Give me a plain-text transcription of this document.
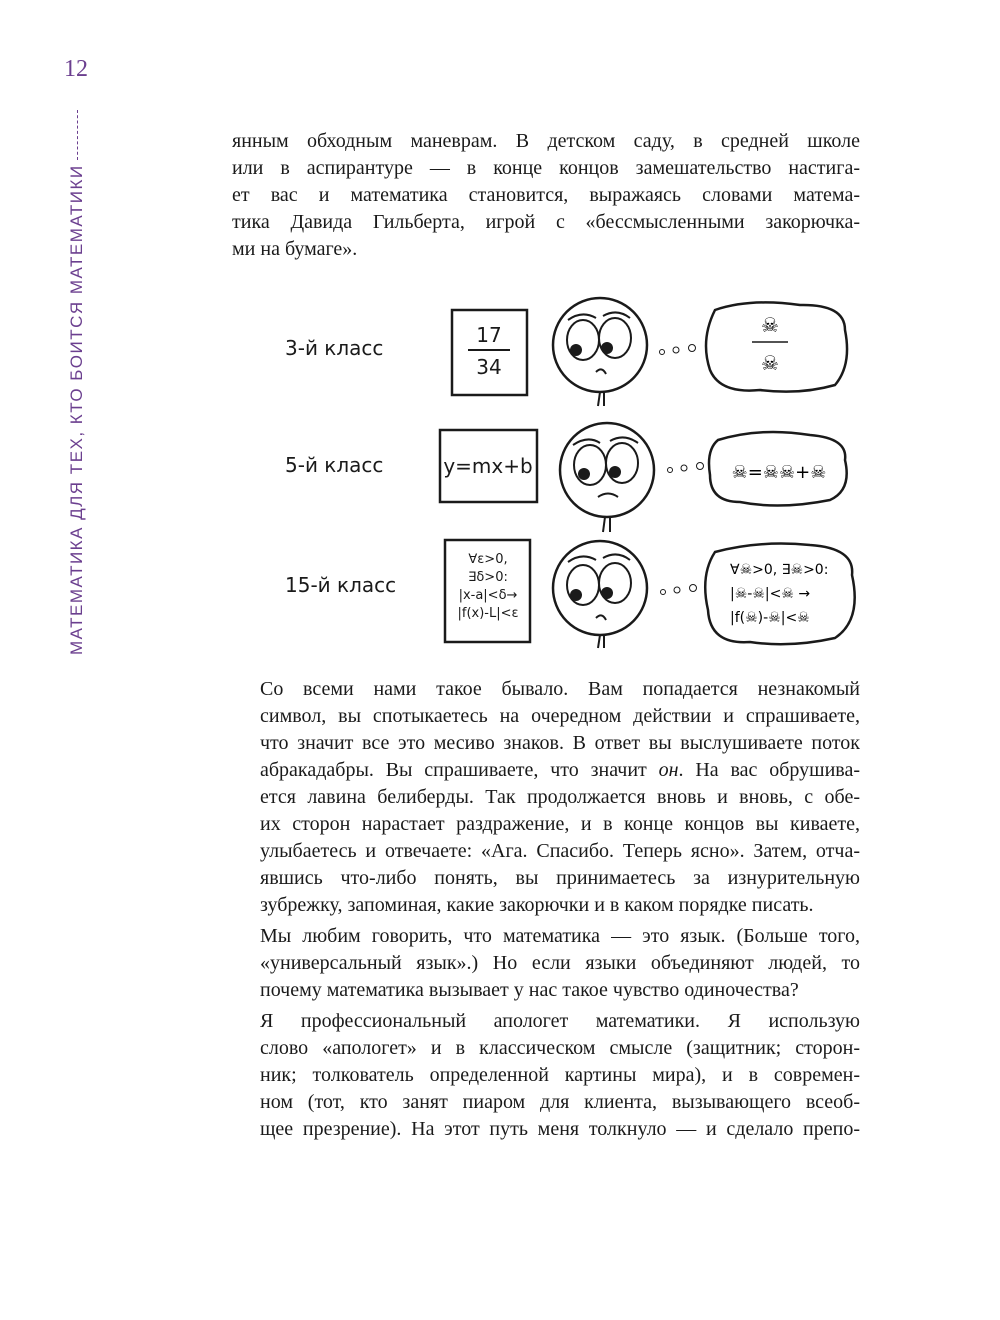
12
МАТЕМАТИКА ДЛЯ ТЕХ, КТО БОИТСЯ МАТЕМАТИКИ

янным обходным маневрам. В детском саду, в средней школе
или в аспирантуре — в конце концов замешательство настига-
ет вас и математика становится, выражаясь словами матема-
тика Давида Гильберта, игрой с «бессмысленными закорючка-
ми на бумаге».

3-й класс
17
34
☠
☠
5-й класс	y=mx+b	☠=☠☠+☠
15-й класс
∀ε>0,
∃δ>0:
|x-a|<δ→
|f(x)-L|<ε
∀☠>0, ∃☠>0:
|☠-☠|<☠ →
|f(☠)-☠|<☠

Со всеми нами такое бывало. Вам попадается незнакомый
символ, вы спотыкаетесь на очередном действии и спрашиваете,
что значит все это месиво знаков. В ответ вы выслушиваете поток
абракадабры. Вы спрашиваете, что значит он. На вас обрушива-
ется лавина белиберды. Так продолжается вновь и вновь, с обе-
их сторон нарастает раздражение, и в конце концов вы киваете,
улыбаетесь и отвечаете: «Ага. Спасибо. Теперь ясно». Затем, отча-
явшись что-либо понять, вы принимаетесь за изнурительную
зубрежку, запоминая, какие закорючки и в каком порядке писать.

Мы любим говорить, что математика — это язык. (Больше того,
«универсальный язык».) Но если языки объединяют людей, то
почему математика вызывает у нас такое чувство одиночества?

Я профессиональный апологет математики. Я использую
слово «апологет» и в классическом смысле (защитник; сторон-
ник; толкователь определенной картины мира), и в современ-
ном (тот, кто занят пиаром для клиента, вызывающего всеоб-
щее презрение). На этот путь меня толкнуло — и сделало препо-
